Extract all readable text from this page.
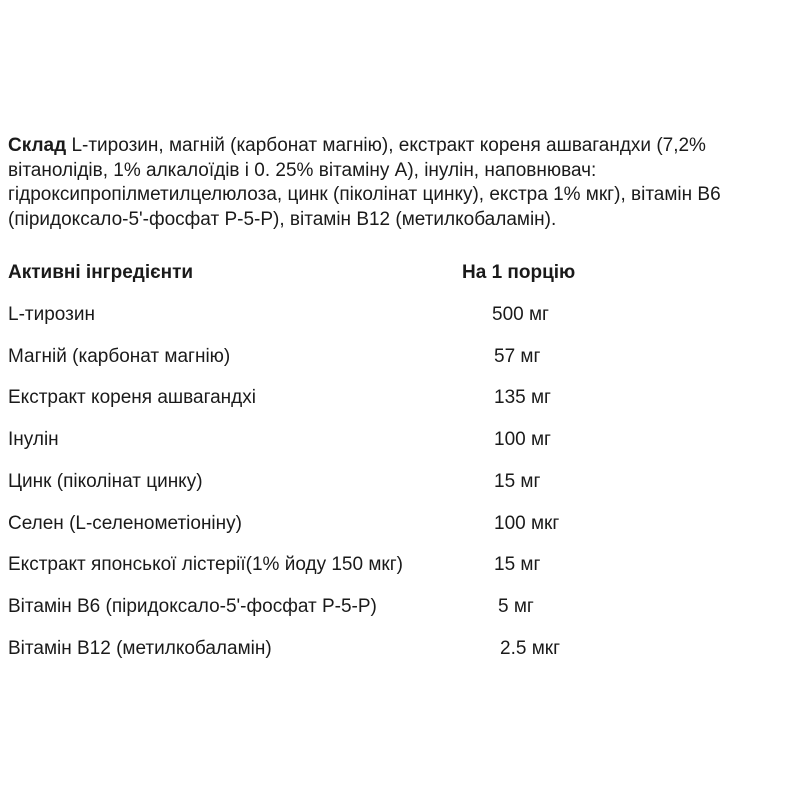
Склад L-тирозин, магній (карбонат магнію), екстракт кореня ашвагандхи (7,2% вітанолідів, 1% алкалоїдів і 0. 25% вітаміну А), інулін, наповнювач: гідроксипропілметилцелюлоза, цинк (піколінат цинку), екстра 1% мкг), вітамін B6 (піридоксало-5'-фосфат P-5-P), вітамін B12 (метилкобаламін).
Активні інгредієнти	На 1 порцію
L-тирозин	500 мг
Магній (карбонат магнію)	57 мг
Екстракт кореня ашвагандхі	135 мг
Інулін	100 мг
Цинк (піколінат цинку)	15 мг
Селен (L-селенометіоніну)	100 мкг
Екстракт японської лістерії(1% йоду 150 мкг)	15 мг
Вітамін B6 (піридоксало-5'-фосфат P-5-P)	5 мг
Вітамін B12 (метилкобаламін)	2.5 мкг
